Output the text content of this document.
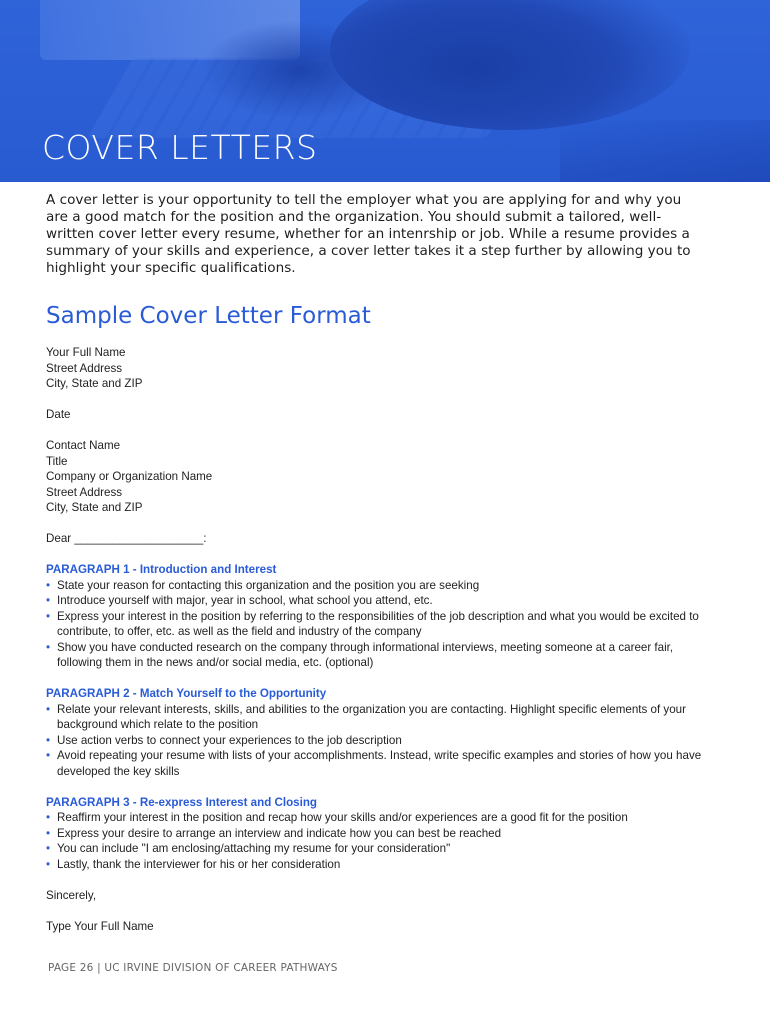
COVER LETTERS

A cover letter is your opportunity to tell the employer what you are applying for and why you are a good match for the position and the organization. You should submit a tailored, well-written cover letter every resume, whether for an intenrship or job. While a resume provides a summary of your skills and experience, a cover letter takes it a step further by allowing you to highlight your specific qualifications.

Sample Cover Letter Format

Your Full Name

Street Address

City, State and ZIP

Date

Contact Name

Title

Company or Organization Name

Street Address

City, State and ZIP

Dear ____________________:

PARAGRAPH 1 - Introduction and Interest

• State your reason for contacting this organization and the position you are seeking
• Introduce yourself with major, year in school, what school you attend, etc.
• Express your interest in the position by referring to the responsibilities of the job description and what you would be excited to contribute, to offer, etc. as well as the field and industry of the company
• Show you have conducted research on the company through informational interviews, meeting someone at a career fair, following them in the news and/or social media, etc. (optional)

PARAGRAPH 2 - Match Yourself to the Opportunity

• Relate your relevant interests, skills, and abilities to the organization you are contacting. Highlight specific elements of your background which relate to the position
• Use action verbs to connect your experiences to the job description
• Avoid repeating your resume with lists of your accomplishments. Instead, write specific examples and stories of how you have developed the key skills

PARAGRAPH 3 - Re-express Interest and Closing

• Reaffirm your interest in the position and recap how your skills and/or experiences are a good fit for the position
• Express your desire to arrange an interview and indicate how you can best be reached
• You can include "I am enclosing/attaching my resume for your consideration"
• Lastly, thank the interviewer for his or her consideration

Sincerely,

Type Your Full Name

PAGE 26 | UC IRVINE DIVISION OF CAREER PATHWAYS
